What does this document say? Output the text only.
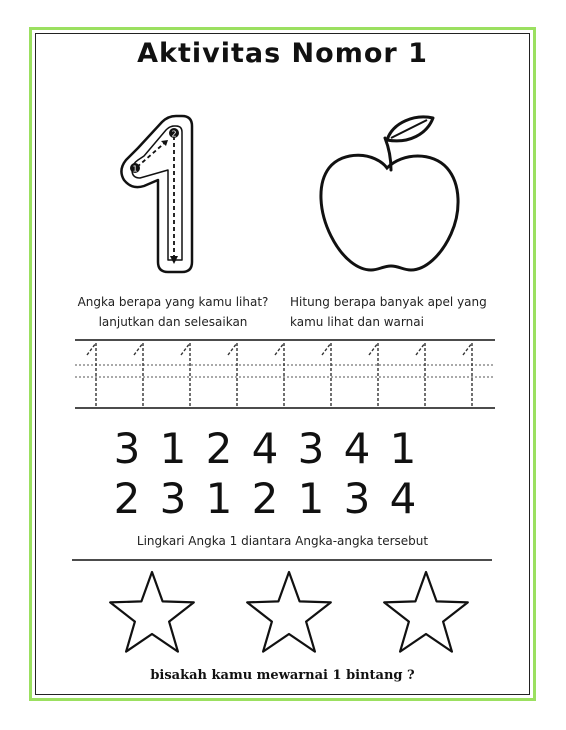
Aktivitas Nomor 1
1
2
Angka berapa yang kamu lihat?
lanjutkan dan selesaikan
Hitung berapa banyak apel yang
kamu lihat dan warnai
3 1 2 4 3 4 1
2 3 1 2 1 3 4
Lingkari Angka 1 diantara Angka-angka tersebut
bisakah kamu mewarnai 1 bintang ?
